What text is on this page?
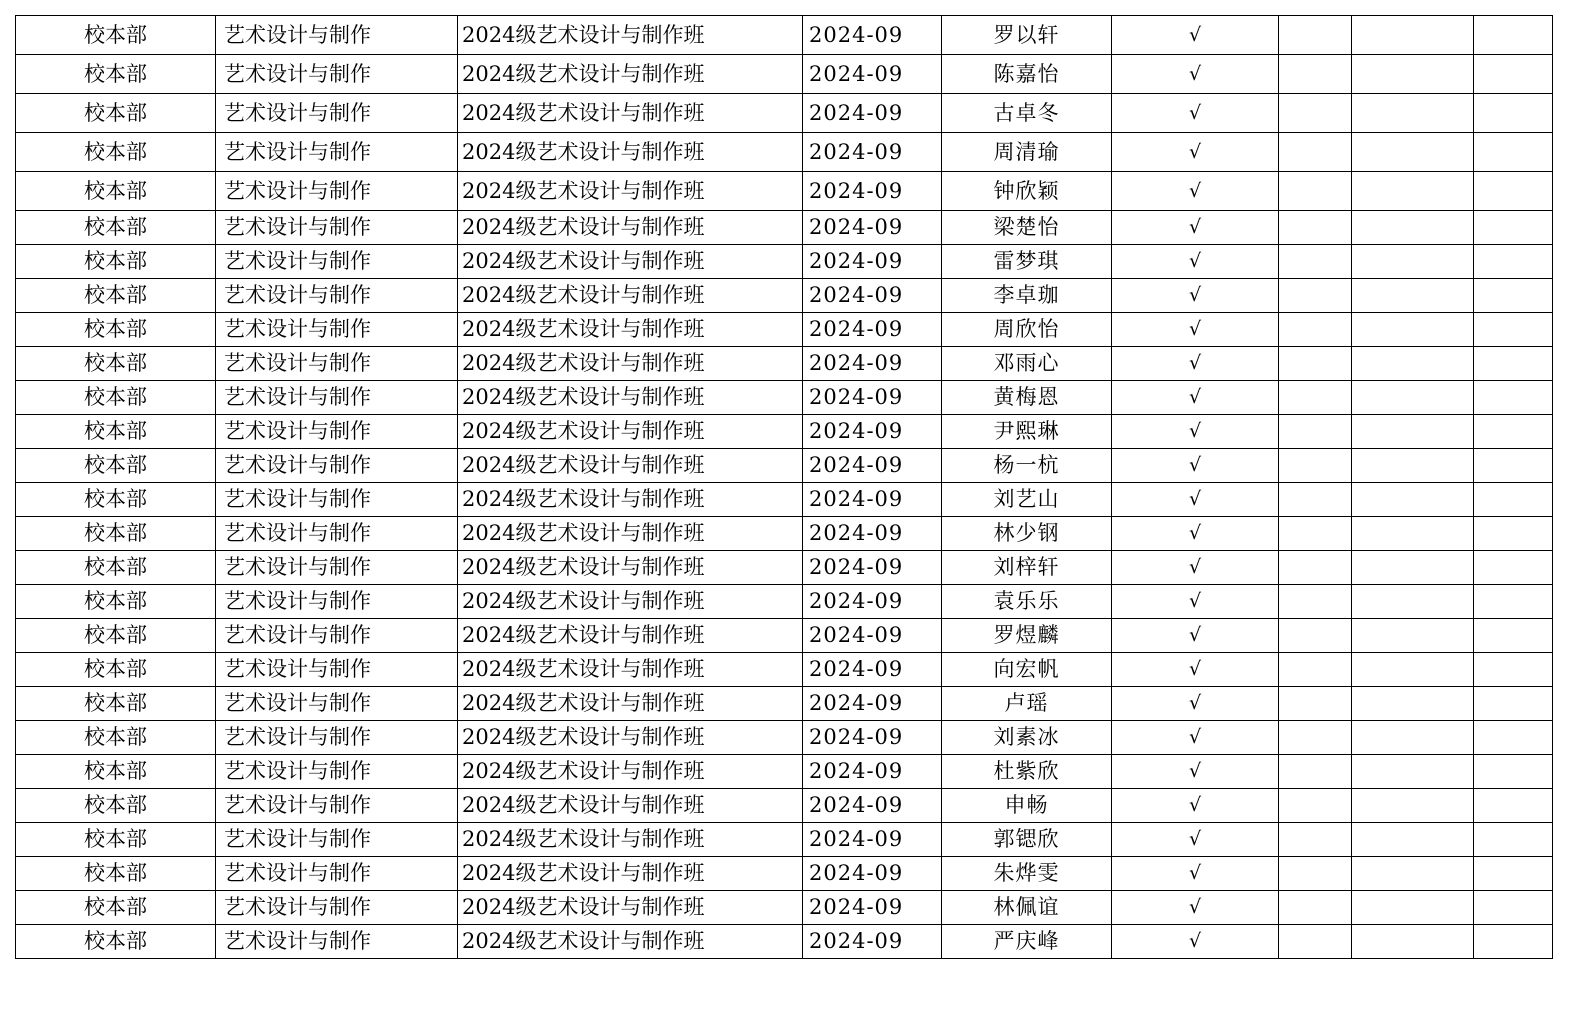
校本部	艺术设计与制作	2024级艺术设计与制作班	2024-09	罗以轩	√			
校本部	艺术设计与制作	2024级艺术设计与制作班	2024-09	陈嘉怡	√			
校本部	艺术设计与制作	2024级艺术设计与制作班	2024-09	古卓冬	√			
校本部	艺术设计与制作	2024级艺术设计与制作班	2024-09	周清瑜	√			
校本部	艺术设计与制作	2024级艺术设计与制作班	2024-09	钟欣颖	√			
校本部	艺术设计与制作	2024级艺术设计与制作班	2024-09	梁楚怡	√			
校本部	艺术设计与制作	2024级艺术设计与制作班	2024-09	雷梦琪	√			
校本部	艺术设计与制作	2024级艺术设计与制作班	2024-09	李卓珈	√			
校本部	艺术设计与制作	2024级艺术设计与制作班	2024-09	周欣怡	√			
校本部	艺术设计与制作	2024级艺术设计与制作班	2024-09	邓雨心	√			
校本部	艺术设计与制作	2024级艺术设计与制作班	2024-09	黄梅恩	√			
校本部	艺术设计与制作	2024级艺术设计与制作班	2024-09	尹熙琳	√			
校本部	艺术设计与制作	2024级艺术设计与制作班	2024-09	杨一杭	√			
校本部	艺术设计与制作	2024级艺术设计与制作班	2024-09	刘艺山	√			
校本部	艺术设计与制作	2024级艺术设计与制作班	2024-09	林少钢	√			
校本部	艺术设计与制作	2024级艺术设计与制作班	2024-09	刘梓轩	√			
校本部	艺术设计与制作	2024级艺术设计与制作班	2024-09	袁乐乐	√			
校本部	艺术设计与制作	2024级艺术设计与制作班	2024-09	罗煜麟	√			
校本部	艺术设计与制作	2024级艺术设计与制作班	2024-09	向宏帆	√			
校本部	艺术设计与制作	2024级艺术设计与制作班	2024-09	卢瑶	√			
校本部	艺术设计与制作	2024级艺术设计与制作班	2024-09	刘素冰	√			
校本部	艺术设计与制作	2024级艺术设计与制作班	2024-09	杜紫欣	√			
校本部	艺术设计与制作	2024级艺术设计与制作班	2024-09	申畅	√			
校本部	艺术设计与制作	2024级艺术设计与制作班	2024-09	郭锶欣	√			
校本部	艺术设计与制作	2024级艺术设计与制作班	2024-09	朱烨雯	√			
校本部	艺术设计与制作	2024级艺术设计与制作班	2024-09	林佩谊	√			
校本部	艺术设计与制作	2024级艺术设计与制作班	2024-09	严庆峰	√			
